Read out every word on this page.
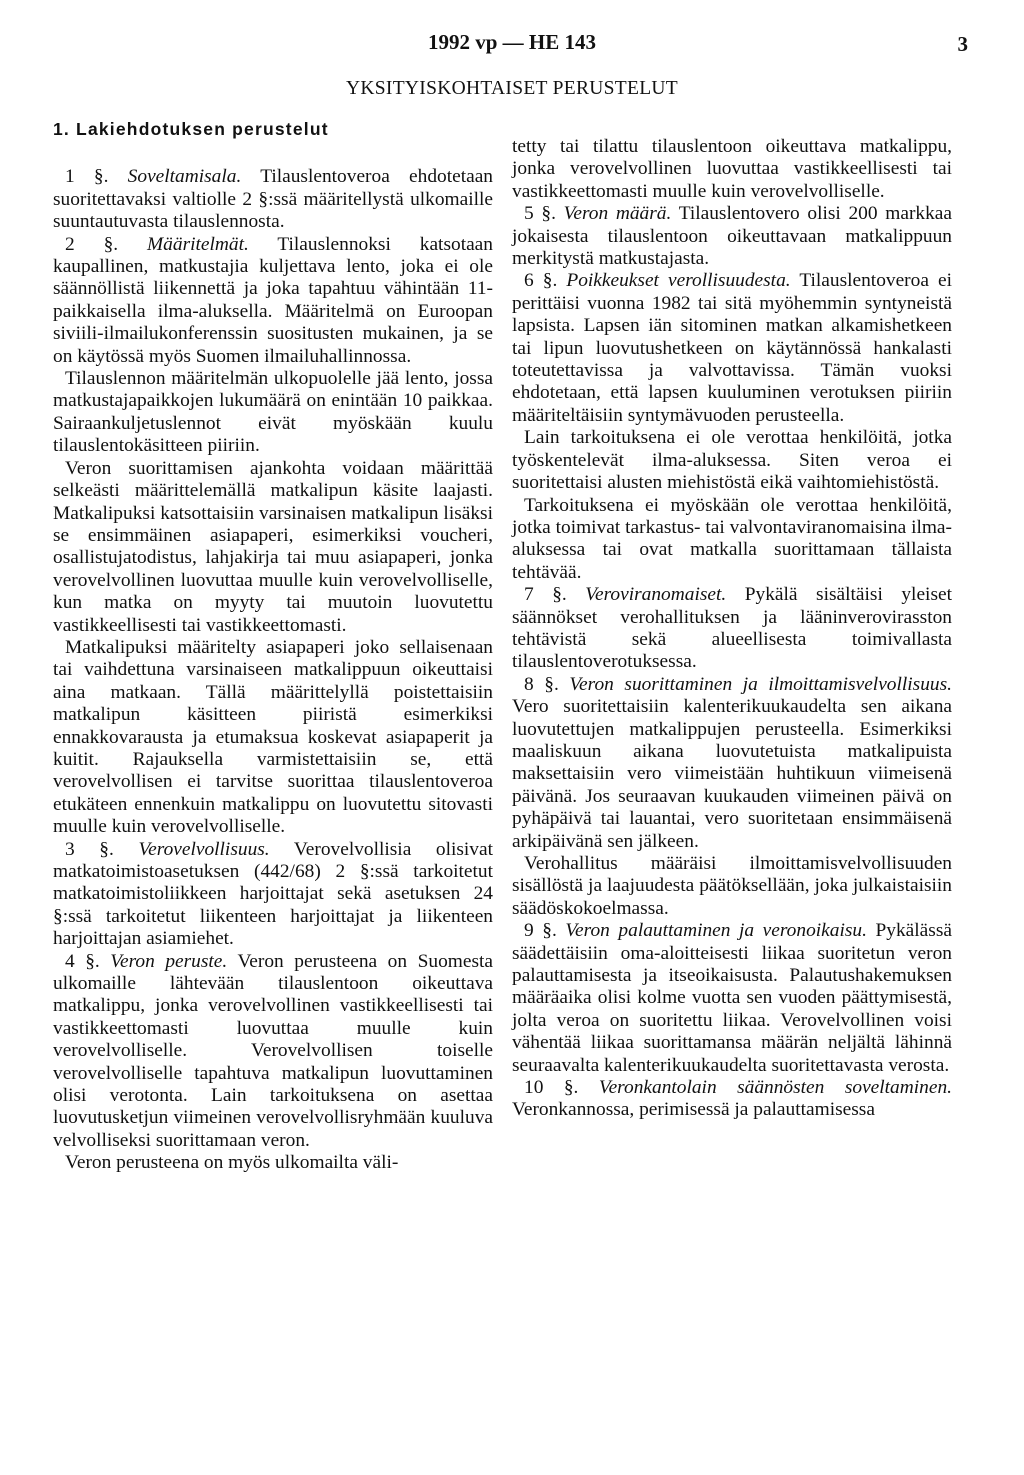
1992 vp — HE 143	3
YKSITYISKOHTAISET PERUSTELUT
1. Lakiehdotuksen perustelut

1 §. Soveltamisala. Tilauslentoveroa ehdotetaan suoritettavaksi valtiolle 2 §:ssä määritellystä ulkomaille suuntautuvasta tilauslennosta.

2 §. Määritelmät. Tilauslennoksi katsotaan kaupallinen, matkustajia kuljettava lento, joka ei ole säännöllistä liikennettä ja joka tapahtuu vähintään 11-paikkaisella ilma-aluksella. Määritelmä on Euroopan siviili-ilmailukonferenssin suositusten mukainen, ja se on käytössä myös Suomen ilmailuhallinnossa.

Tilauslennon määritelmän ulkopuolelle jää lento, jossa matkustajapaikkojen lukumäärä on enintään 10 paikkaa. Sairaankuljetuslennot eivät myöskään kuulu tilauslentokäsitteen piiriin.

Veron suorittamisen ajankohta voidaan määrittää selkeästi määrittelemällä matkalipun käsite laajasti. Matkalipuksi katsottaisiin varsinaisen matkalipun lisäksi se ensimmäinen asiapaperi, esimerkiksi voucheri, osallistujatodistus, lahjakirja tai muu asiapaperi, jonka verovelvollinen luovuttaa muulle kuin verovelvolliselle, kun matka on myyty tai muutoin luovutettu vastikkeellisesti tai vastikkeettomasti.

Matkalipuksi määritelty asiapaperi joko sellaisenaan tai vaihdettuna varsinaiseen matkalippuun oikeuttaisi aina matkaan. Tällä määrittelyllä poistettaisiin matkalipun käsitteen piiristä esimerkiksi ennakkovarausta ja etumaksua koskevat asiapaperit ja kuitit. Rajauksella varmistettaisiin se, että verovelvollisen ei tarvitse suorittaa tilauslentoveroa etukäteen ennenkuin matkalippu on luovutettu sitovasti muulle kuin verovelvolliselle.

3 §. Verovelvollisuus. Verovelvollisia olisivat matkatoimistoasetuksen (442/68) 2 §:ssä tarkoitetut matkatoimistoliikkeen harjoittajat sekä asetuksen 24 §:ssä tarkoitetut liikenteen harjoittajat ja liikenteen harjoittajan asiamiehet.

4 §. Veron peruste. Veron perusteena on Suomesta ulkomaille lähtevään tilauslentoon oikeuttava matkalippu, jonka verovelvollinen vastikkeellisesti tai vastikkeettomasti luovuttaa muulle kuin verovelvolliselle. Verovelvollisen toiselle verovelvolliselle tapahtuva matkalipun luovuttaminen olisi verotonta. Lain tarkoituksena on asettaa luovutusketjun viimeinen verovelvollisryhmään kuuluva velvolliseksi suorittamaan veron.

Veron perusteena on myös ulkomailta väli-

tetty tai tilattu tilauslentoon oikeuttava matkalippu, jonka verovelvollinen luovuttaa vastikkeellisesti tai vastikkeettomasti muulle kuin verovelvolliselle.

5 §. Veron määrä. Tilauslentovero olisi 200 markkaa jokaisesta tilauslentoon oikeuttavaan matkalippuun merkitystä matkustajasta.

6 §. Poikkeukset verollisuudesta. Tilauslentoveroa ei perittäisi vuonna 1982 tai sitä myöhemmin syntyneistä lapsista. Lapsen iän sitominen matkan alkamishetkeen tai lipun luovutushetkeen on käytännössä hankalasti toteutettavissa ja valvottavissa. Tämän vuoksi ehdotetaan, että lapsen kuuluminen verotuksen piiriin määriteltäisiin syntymävuoden perusteella.

Lain tarkoituksena ei ole verottaa henkilöitä, jotka työskentelevät ilma-aluksessa. Siten veroa ei suoritettaisi alusten miehistöstä eikä vaihtomiehistöstä.

Tarkoituksena ei myöskään ole verottaa henkilöitä, jotka toimivat tarkastus- tai valvontaviranomaisina ilma-aluksessa tai ovat matkalla suorittamaan tällaista tehtävää.

7 §. Veroviranomaiset. Pykälä sisältäisi yleiset säännökset verohallituksen ja lääninverovirasston tehtävistä sekä alueellisesta toimivallasta tilauslentoverotuksessa.

8 §. Veron suorittaminen ja ilmoittamisvelvollisuus. Vero suoritettaisiin kalenterikuukaudelta sen aikana luovutettujen matkalippujen perusteella. Esimerkiksi maaliskuun aikana luovutetuista matkalipuista maksettaisiin vero viimeistään huhtikuun viimeisenä päivänä. Jos seuraavan kuukauden viimeinen päivä on pyhäpäivä tai lauantai, vero suoritetaan ensimmäisenä arkipäivänä sen jälkeen.

Verohallitus määräisi ilmoittamisvelvollisuuden sisällöstä ja laajuudesta päätöksellään, joka julkaistaisiin säädöskokoelmassa.

9 §. Veron palauttaminen ja veronoikaisu. Pykälässä säädettäisiin oma-aloitteisesti liikaa suoritetun veron palauttamisesta ja itseoikaisusta. Palautushakemuksen määräaika olisi kolme vuotta sen vuoden päättymisestä, jolta veroa on suoritettu liikaa. Verovelvollinen voisi vähentää liikaa suorittamansa määrän neljältä lähinnä seuraavalta kalenterikuukaudelta suoritettavasta verosta.

10 §. Veronkantolain säännösten soveltaminen. Veronkannossa, perimisessä ja palauttamisessa
